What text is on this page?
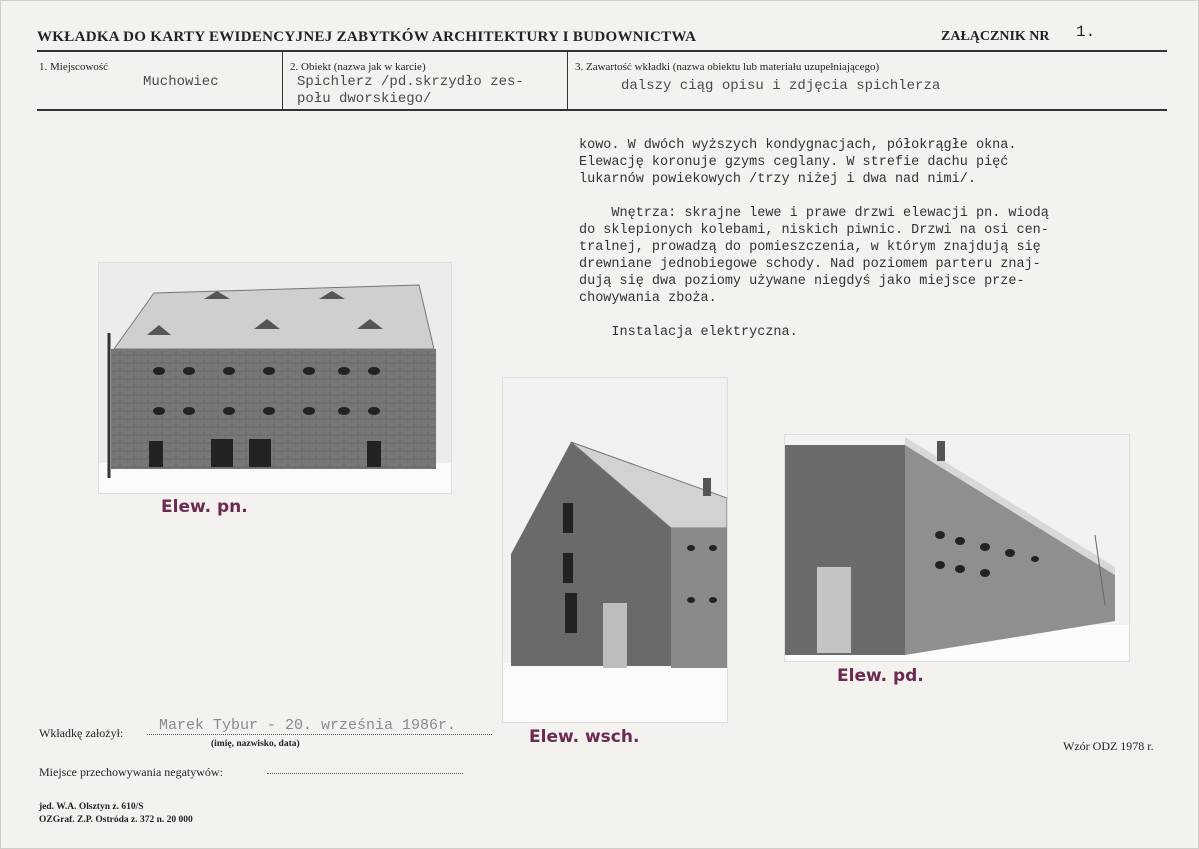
WKŁADKA DO KARTY EWIDENCYJNEJ ZABYTKÓW ARCHITEKTURY I BUDOWNICTWA	ZAŁĄCZNIK NR 1.
1. Miejscowość
Muchowiec
2. Obiekt (nazwa jak w karcie)
Spichlerz /pd.skrzydło zes-
połu dworskiego/
3. Zawartość wkładki (nazwa obiektu lub materiału uzupełniającego)
dalszy ciąg opisu i zdjęcia spichlerza
kowo. W dwóch wyższych kondygnacjach, półokrągłe okna.
Elewację koronuje gzyms ceglany. W strefie dachu pięć
lukarnów powiekowych /trzy niżej i dwa nad nimi/.

Wnętrza: skrajne lewe i prawe drzwi elewacji pn. wiodą
do sklepionych kolebami, niskich piwnic. Drzwi na osi cen-
tralnej, prowadzą do pomieszczenia, w którym znajdują się
drewniane jednobiegowe schody. Nad poziomem parteru znaj-
dują się dwa poziomy używane niegdyś jako miejsce prze-
chowywania zboża.

Instalacja elektryczna.
Elew. pn.
Elew. wsch.
Elew. pd.
Wkładkę założył: Marek Tybur - 20. września 1986r.
(imię, nazwisko, data)
Miejsce przechowywania negatywów:
Wzór ODZ 1978 r.
jed. W.A. Olsztyn z. 610/S
OZGraf. Z.P. Ostróda z. 372 n. 20 000
